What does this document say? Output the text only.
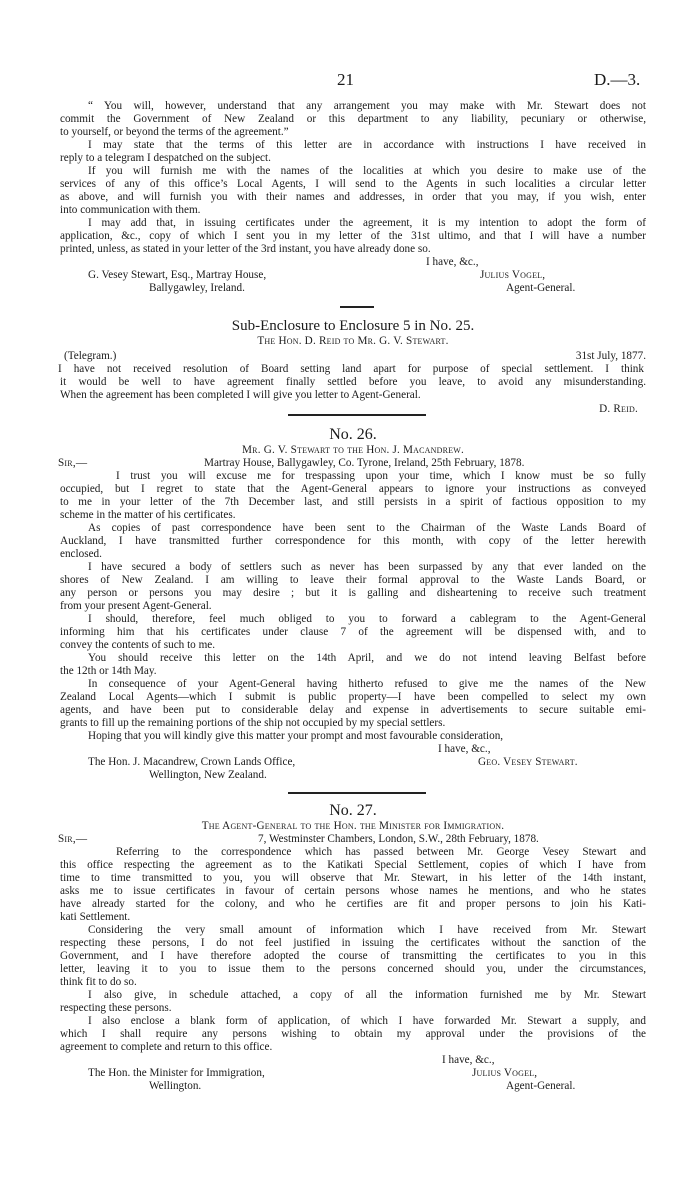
21	D.—3.
“ You will, however, understand that any arrangement you may make with Mr. Stewart does not
commit the Government of New Zealand or this department to any liability, pecuniary or otherwise,
to yourself, or beyond the terms of the agreement.”
I may state that the terms of this letter are in accordance with instructions I have received in
reply to a telegram I despatched on the subject.
If you will furnish me with the names of the localities at which you desire to make use of the
services of any of this office’s Local Agents, I will send to the Agents in such localities a circular letter
as above, and will furnish you with their names and addresses, in order that you may, if you wish, enter
into communication with them.
I may add that, in issuing certificates under the agreement, it is my intention to adopt the form of
application, &c., copy of which I sent you in my letter of the 31st ultimo, and that I will have a number
printed, unless, as stated in your letter of the 3rd instant, you have already done so.
I have, &c.,
G. Vesey Stewart, Esq., Martray House,	Julius Vogel,
Ballygawley, Ireland.	Agent-General.
Sub-Enclosure to Enclosure 5 in No. 25.
The Hon. D. Reid to Mr. G. V. Stewart.
(Telegram.)	31st July, 1877.
I have not received resolution of Board setting land apart for purpose of special settlement. I think
it would be well to have agreement finally settled before you leave, to avoid any misunderstanding.
When the agreement has been completed I will give you letter to Agent-General.
D. Reid.
No. 26.
Mr. G. V. Stewart to the Hon. J. Macandrew.
Sir,—	Martray House, Ballygawley, Co. Tyrone, Ireland, 25th February, 1878.
I trust you will excuse me for trespassing upon your time, which I know must be so fully
occupied, but I regret to state that the Agent-General appears to ignore your instructions as conveyed
to me in your letter of the 7th December last, and still persists in a spirit of factious opposition to my
scheme in the matter of his certificates.
As copies of past correspondence have been sent to the Chairman of the Waste Lands Board of
Auckland, I have transmitted further correspondence for this month, with copy of the letter herewith
enclosed.
I have secured a body of settlers such as never has been surpassed by any that ever landed on the
shores of New Zealand. I am willing to leave their formal approval to the Waste Lands Board, or
any person or persons you may desire ; but it is galling and disheartening to receive such treatment
from your present Agent-General.
I should, therefore, feel much obliged to you to forward a cablegram to the Agent-General
informing him that his certificates under clause 7 of the agreement will be dispensed with, and to
convey the contents of such to me.
You should receive this letter on the 14th April, and we do not intend leaving Belfast before
the 12th or 14th May.
In consequence of your Agent-General having hitherto refused to give me the names of the New
Zealand Local Agents—which I submit is public property—I have been compelled to select my own
agents, and have been put to considerable delay and expense in advertisements to secure suitable emi-
grants to fill up the remaining portions of the ship not occupied by my special settlers.
Hoping that you will kindly give this matter your prompt and most favourable consideration,
I have, &c.,
The Hon. J. Macandrew, Crown Lands Office,	Geo. Vesey Stewart.
Wellington, New Zealand.
No. 27.
The Agent-General to the Hon. the Minister for Immigration.
Sir,—	7, Westminster Chambers, London, S.W., 28th February, 1878.
Referring to the correspondence which has passed between Mr. George Vesey Stewart and
this office respecting the agreement as to the Katikati Special Settlement, copies of which I have from
time to time transmitted to you, you will observe that Mr. Stewart, in his letter of the 14th instant,
asks me to issue certificates in favour of certain persons whose names he mentions, and who he states
have already started for the colony, and who he certifies are fit and proper persons to join his Kati-
kati Settlement.
Considering the very small amount of information which I have received from Mr. Stewart
respecting these persons, I do not feel justified in issuing the certificates without the sanction of the
Government, and I have therefore adopted the course of transmitting the certificates to you in this
letter, leaving it to you to issue them to the persons concerned should you, under the circumstances,
think fit to do so.
I also give, in schedule attached, a copy of all the information furnished me by Mr. Stewart
respecting these persons.
I also enclose a blank form of application, of which I have forwarded Mr. Stewart a supply, and
which I shall require any persons wishing to obtain my approval under the provisions of the
agreement to complete and return to this office.
I have, &c.,
The Hon. the Minister for Immigration,	Julius Vogel,
Wellington.	Agent-General.
